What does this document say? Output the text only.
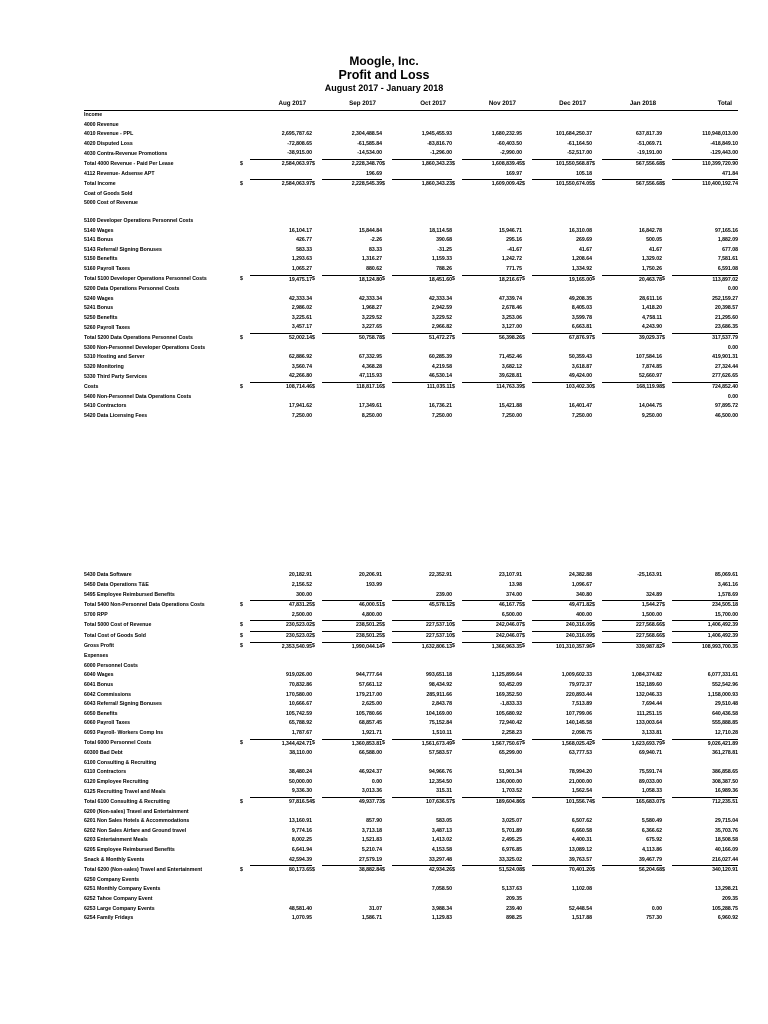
Moogle, Inc.
Profit and Loss
August 2017 - January 2018
	Aug 2017		Sep 2017		Oct 2017		Nov 2017		Dec 2017		Jan 2018		Total	
Income														
4000 Revenue														
4010 Revenue - PPL		2,695,787.62		2,304,488.54		1,945,455.93		1,680,232.95		101,684,250.37		637,817.39		110,948,013.00
4020 Disputed Loss		-72,808.65		-61,585.84		-83,816.70		-60,403.50		-61,164.50		-51,069.71		-418,849.10
4030 Contra-Revenue Promotions		-38,915.00		-14,534.00		-1,296.00		-2,990.00		-52,517.00		-19,191.00		-129,443.00
Total 4000 Revenue - Paid Per Lease	$	2,584,063.97	$	2,228,348.70	$	1,860,343.23	$	1,608,839.45	$	101,550,568.87	$	567,556.68	$	110,399,720.90
4112 Revenue- Adsense APT				196.69				169.97		105.18				471.84
Total Income	$	2,584,063.97	$	2,228,545.39	$	1,860,343.23	$	1,609,009.42	$	101,550,674.05	$	567,556.68	$	110,400,192.74
Coat of Goods Sold														
5000 Cost of Revenue														

5100 Developer Operations Personnel Costs														
5140 Wages		16,104.17		15,844.84		18,114.58		15,946.71		16,310.08		16,842.78		97,165.16
5141 Bonus		426.77		-2.26		390.68		295.16		269.69		500.05		1,882.09
5143 Referral/ Signing Bonuses		583.33		83.33		-31.25		-41.67		41.67		41.67		677.08
5150 Benefits		1,293.63		1,316.27		1,159.33		1,242.72		1,208.64		1,329.02		7,581.61
5160 Payroll Taxes		1,065.27		880.62		788.26		771.75		1,334.92		1,750.26		6,591.08
Total 5100 Developer Operations Personnel Costs	$	19,475.17	$	18,124.80	$	18,451.60	$	18,216.67	$	19,165.00	$	20,463.78	$	113,897.02
5200 Data Operations Personnel Costs														0.00
5240 Wages		42,333.34		42,333.34		42,333.34		47,339.74		49,208.35		28,611.16		252,159.27
5241 Bonus		2,986.02		1,968.27		2,942.59		2,678.46		8,405.03		1,418.20		20,398.57
5250 Benefits		3,225.61		3,229.52		3,229.52		3,253.06		3,599.78		4,758.11		21,295.60
5260 Payroll Taxes		3,457.17		3,227.65		2,966.82		3,127.00		6,663.81		4,243.90		23,686.35
Total 5200 Data Operations Personnel Costs	$	52,002.14	$	50,758.78	$	51,472.27	$	56,398.26	$	67,876.97	$	39,029.37	$	317,537.79
5300 Non-Personnel Developer Operations Costs														0.00
5310 Hosting and Server		62,886.92		67,332.95		60,285.39		71,452.46		50,359.43		107,584.16		419,901.31
5320 Monitoring		3,560.74		4,368.28		4,219.58		3,682.12		3,618.87		7,874.85		27,324.44
5330 Third Party Services		42,266.80		47,115.93		46,530.14		39,628.81		49,424.00		52,660.97		277,626.65
Costs	$	108,714.46	$	118,817.16	$	111,035.11	$	114,763.39	$	103,402.30	$	168,119.98	$	724,852.40
5400 Non-Personnel Data Operations Costs														0.00
5410 Contractors		17,941.62		17,349.61		16,736.21		15,421.88		16,401.47		14,044.75		97,895.72
5420 Data Licensing Fees		7,250.00		8,250.00		7,250.00		7,250.00		7,250.00		9,250.00		46,500.00

5430 Data Software		20,182.91		20,206.91		22,352.91		23,107.91		24,382.88		-25,163.91		85,069.61
5450 Data Operations T&E		2,156.52		193.99				13.98		1,096.67				3,461.16
5495 Employee Reimbursed Benefits		300.00				239.00		374.00		340.80		324.89		1,578.69
Total 5400 Non-Personnel Data Operations Costs	$	47,831.25	$	46,000.51	$	45,578.12	$	46,167.75	$	49,471.82	$	1,544.27	$	234,505.18
5700 RPP		2,500.00		4,800.00				6,500.00		400.00		1,500.00		15,700.00
Total 5000 Cost of Revenue	$	230,523.02	$	238,501.25	$	227,537.10	$	242,046.07	$	240,316.09	$	227,568.66	$	1,406,492.39
Total Cost of Goods Sold	$	230,523.02	$	238,501.25	$	227,537.10	$	242,046.07	$	240,316.09	$	227,568.66	$	1,406,492.39
Gross Profit	$	2,353,540.95	$	1,990,044.14	$	1,632,806.13	$	1,366,963.35	$	101,310,357.96	$	339,987.82	$	108,993,700.35
Expenses														
6000 Personnel Costs														
6040 Wages		919,026.00		944,777.64		993,651.18		1,125,899.64		1,009,602.33		1,084,374.82		6,077,331.61
6041 Bonus		70,832.86		57,661.12		98,434.92		93,452.09		79,972.37		152,189.60		552,542.96
6042 Commissions		170,580.00		179,217.00		285,911.66		169,352.50		220,893.44		132,046.33		1,158,000.93
6043 Referral/ Signing Bonuses		10,666.67		2,625.00		2,843.78		-1,833.33		7,513.89		7,694.44		29,510.48
6050 Benefits		105,742.59		105,780.66		104,169.00		105,680.92		107,799.06		111,251.15		640,436.58
6060 Payroll Taxes		65,788.92		68,857.45		75,152.84		72,940.42		140,145.58		133,003.64		555,888.85
6093 Payroll- Workers Comp Ins		1,787.67		1,921.71		1,510.11		2,258.23		2,098.75		3,133.81		12,710.28
Total 6000 Personnel Costs	$	1,344,424.71	$	1,360,853.81	$	1,561,673.49	$	1,567,750.67	$	1,568,025.42	$	1,623,693.79	$	9,026,421.89
60300 Bad Debt		38,110.00		66,588.00		57,583.57		65,299.00		63,777.53		69,940.71		361,278.81
6100 Consulting & Recruiting														
6110 Contractors		38,480.24		46,924.37		94,966.76		51,901.34		78,994.20		75,591.74		386,858.65
6120 Employee Recruiting		50,000.00		0.00		12,354.50		136,000.00		21,000.00		89,033.00		308,387.50
6125 Recruiting Travel and Meals		9,336.30		3,013.36		315.31		1,703.52		1,562.54		1,058.33		16,989.36
Total 6100 Consulting & Recruiting	$	97,816.54	$	49,937.73	$	107,636.57	$	189,604.86	$	101,556.74	$	165,683.07	$	712,235.51
6200 (Non-sales) Travel and Entertainment														
6201 Non Sales Hotels & Accommodations		13,160.91		857.90		583.05		3,025.07		6,507.62		5,580.49		29,715.04
6202 Non Sales Airfare and Ground travel		9,774.16		3,713.18		3,487.13		5,701.89		6,660.58		6,366.62		35,703.76
6203 Entertainment Meals		8,002.25		1,521.83		1,413.02		2,495.25		4,400.31		675.92		18,508.58
6205 Employee Reimbursed Benefits		6,641.94		5,210.74		4,153.58		6,976.85		13,089.12		4,113.86		40,166.09
Snack & Monthly Events		42,594.39		27,579.19		33,297.48		33,325.02		39,763.57		39,467.79		216,027.44
Total 6200 (Non-sales) Travel and Entertainment	$	80,173.65	$	38,882.84	$	42,934.26	$	51,524.08	$	70,401.20	$	56,204.68	$	340,120.91
6250 Company Events														
6251 Monthly Company Events						7,058.50		5,137.63		1,102.08				13,298.21
6252 Tahoe Company Event								209.35						209.35
6253 Large Company Events		48,581.40		31.07		3,988.34		239.40		52,448.54		0.00		105,288.75
6254 Family Fridays		1,070.95		1,586.71		1,129.83		898.25		1,517.88		757.30		6,960.92
